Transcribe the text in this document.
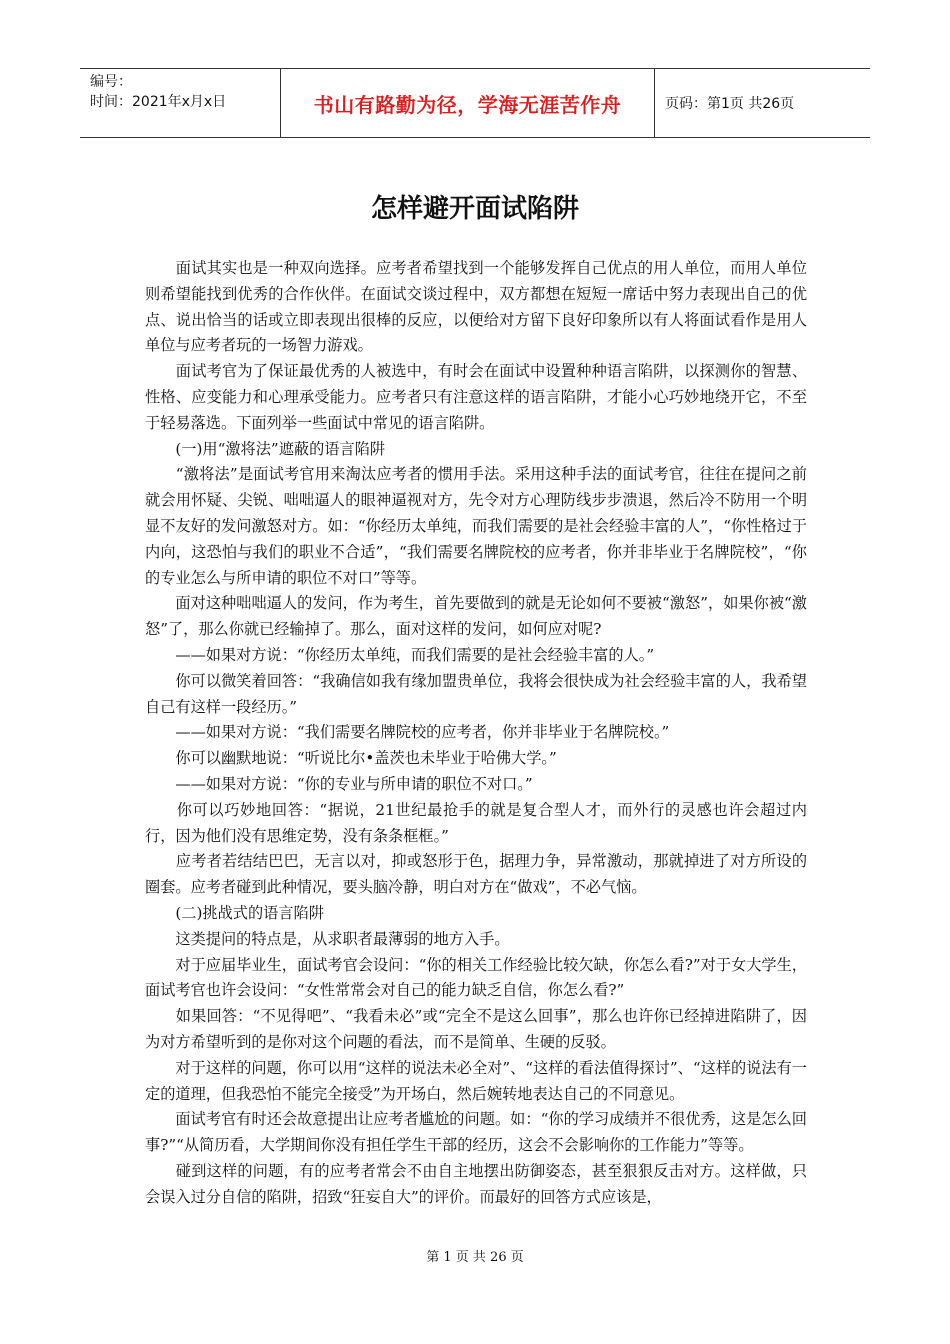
编号：
时间：2021年x月x日	书山有路勤为径，学海无涯苦作舟	页码：第1页 共26页
怎样避开面试陷阱

　　面试其实也是一种双向选择。应考者希望找到一个能够发挥自己优点的用人单位，而用人单位则希望能找到优秀的合作伙伴。在面试交谈过程中，双方都想在短短一席话中努力表现出自己的优点、说出恰当的话或立即表现出很棒的反应，以便给对方留下良好印象所以有人将面试看作是用人单位与应考者玩的一场智力游戏。

　　面试考官为了保证最优秀的人被选中，有时会在面试中设置种种语言陷阱，以探测你的智慧、性格、应变能力和心理承受能力。应考者只有注意这样的语言陷阱，才能小心巧妙地绕开它，不至于轻易落选。下面列举一些面试中常见的语言陷阱。

　　(一)用“激将法”遮蔽的语言陷阱

　　“激将法”是面试考官用来淘汰应考者的惯用手法。采用这种手法的面试考官，往往在提问之前就会用怀疑、尖锐、咄咄逼人的眼神逼视对方，先令对方心理防线步步溃退，然后冷不防用一个明显不友好的发问激怒对方。如：“你经历太单纯，而我们需要的是社会经验丰富的人”，“你性格过于内向，这恐怕与我们的职业不合适”，“我们需要名牌院校的应考者，你并非毕业于名牌院校”，“你的专业怎么与所申请的职位不对口”等等。

　　面对这种咄咄逼人的发问，作为考生，首先要做到的就是无论如何不要被“激怒”，如果你被“激怒”了，那么你就已经输掉了。那么，面对这样的发问，如何应对呢?

　　——如果对方说：“你经历太单纯，而我们需要的是社会经验丰富的人。”

　　你可以微笑着回答：“我确信如我有缘加盟贵单位，我将会很快成为社会经验丰富的人，我希望自己有这样一段经历。”

　　——如果对方说：“我们需要名牌院校的应考者，你并非毕业于名牌院校。”

　　你可以幽默地说：“听说比尔•盖茨也未毕业于哈佛大学。”

　　——如果对方说：“你的专业与所申请的职位不对口。”

　　你可以巧妙地回答：“据说，21世纪最抢手的就是复合型人才，而外行的灵感也许会超过内行，因为他们没有思维定势，没有条条框框。”

　　应考者若结结巴巴，无言以对，抑或怒形于色，据理力争，异常激动，那就掉进了对方所设的圈套。应考者碰到此种情况，要头脑冷静，明白对方在“做戏”，不必气恼。

　　(二)挑战式的语言陷阱

　　这类提问的特点是，从求职者最薄弱的地方入手。

　　对于应届毕业生，面试考官会设问：“你的相关工作经验比较欠缺，你怎么看?”对于女大学生，面试考官也许会设问：“女性常常会对自己的能力缺乏自信，你怎么看?”

　　如果回答：“不见得吧”、“我看未必”或“完全不是这么回事”，那么也许你已经掉进陷阱了，因为对方希望听到的是你对这个问题的看法，而不是简单、生硬的反驳。

　　对于这样的问题，你可以用“这样的说法未必全对”、“这样的看法值得探讨”、“这样的说法有一定的道理，但我恐怕不能完全接受”为开场白，然后婉转地表达自己的不同意见。

　　面试考官有时还会故意提出让应考者尴尬的问题。如：“你的学习成绩并不很优秀，这是怎么回事?”“从简历看，大学期间你没有担任学生干部的经历，这会不会影响你的工作能力”等等。

　　碰到这样的问题，有的应考者常会不由自主地摆出防御姿态，甚至狠狠反击对方。这样做，只会误入过分自信的陷阱，招致“狂妄自大”的评价。而最好的回答方式应该是，

第 1 页 共 26 页
